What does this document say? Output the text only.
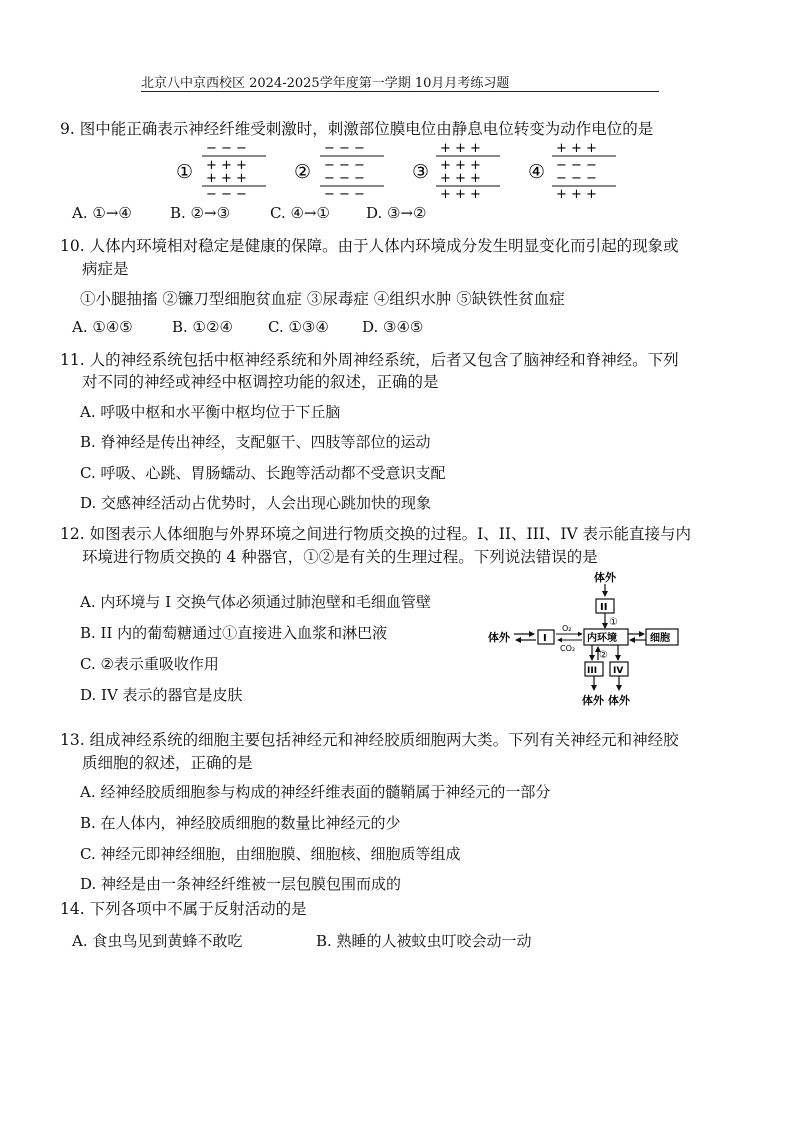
北京八中京西校区 2024-2025学年度第一学期 10月月考练习题
9. 图中能正确表示神经纤维受刺激时，刺激部位膜电位由静息电位转变为动作电位的是
①
− − −
+ + +
+ + +
− − −
②
− − −
− − −
− − −
− − −
③
+ + +
+ + +
+ + +
+ + +
④
+ + +
− − −
− − −
+ + +
A. ①→④	B. ②→③	C. ④→① D. ③→②
10. 人体内环境相对稳定是健康的保障。由于人体内环境成分发生明显变化而引起的现象或
病症是
①小腿抽搐 ②镰刀型细胞贫血症 ③尿毒症 ④组织水肿 ⑤缺铁性贫血症
A. ①④⑤	B. ①②④ C. ①③④ D. ③④⑤
11. 人的神经系统包括中枢神经系统和外周神经系统，后者又包含了脑神经和脊神经。下列
对不同的神经或神经中枢调控功能的叙述，正确的是
A. 呼吸中枢和水平衡中枢均位于下丘脑
B. 脊神经是传出神经，支配躯干、四肢等部位的运动
C. 呼吸、心跳、胃肠蠕动、长跑等活动都不受意识支配
D. 交感神经活动占优势时，人会出现心跳加快的现象
12. 如图表示人体细胞与外界环境之间进行物质交换的过程。I、II、III、IV 表示能直接与内
环境进行物质交换的 4 种器官，①②是有关的生理过程。下列说法错误的是
A. 内环境与 I 交换气体必须通过肺泡壁和毛细血管壁
B. II 内的葡萄糖通过①直接进入血浆和淋巴液
C. ②表示重吸收作用
D. IV 表示的器官是皮肤
体外
II
①
体外	I
O₂
CO₂
内环境	细胞
②
III IV
体外 体外
13. 组成神经系统的细胞主要包括神经元和神经胶质细胞两大类。下列有关神经元和神经胶
质细胞的叙述，正确的是
A. 经神经胶质细胞参与构成的神经纤维表面的髓鞘属于神经元的一部分
B. 在人体内，神经胶质细胞的数量比神经元的少
C. 神经元即神经细胞，由细胞膜、细胞核、细胞质等组成
D. 神经是由一条神经纤维被一层包膜包围而成的
14. 下列各项中不属于反射活动的是
A. 食虫鸟见到黄蜂不敢吃	B. 熟睡的人被蚊虫叮咬会动一动
